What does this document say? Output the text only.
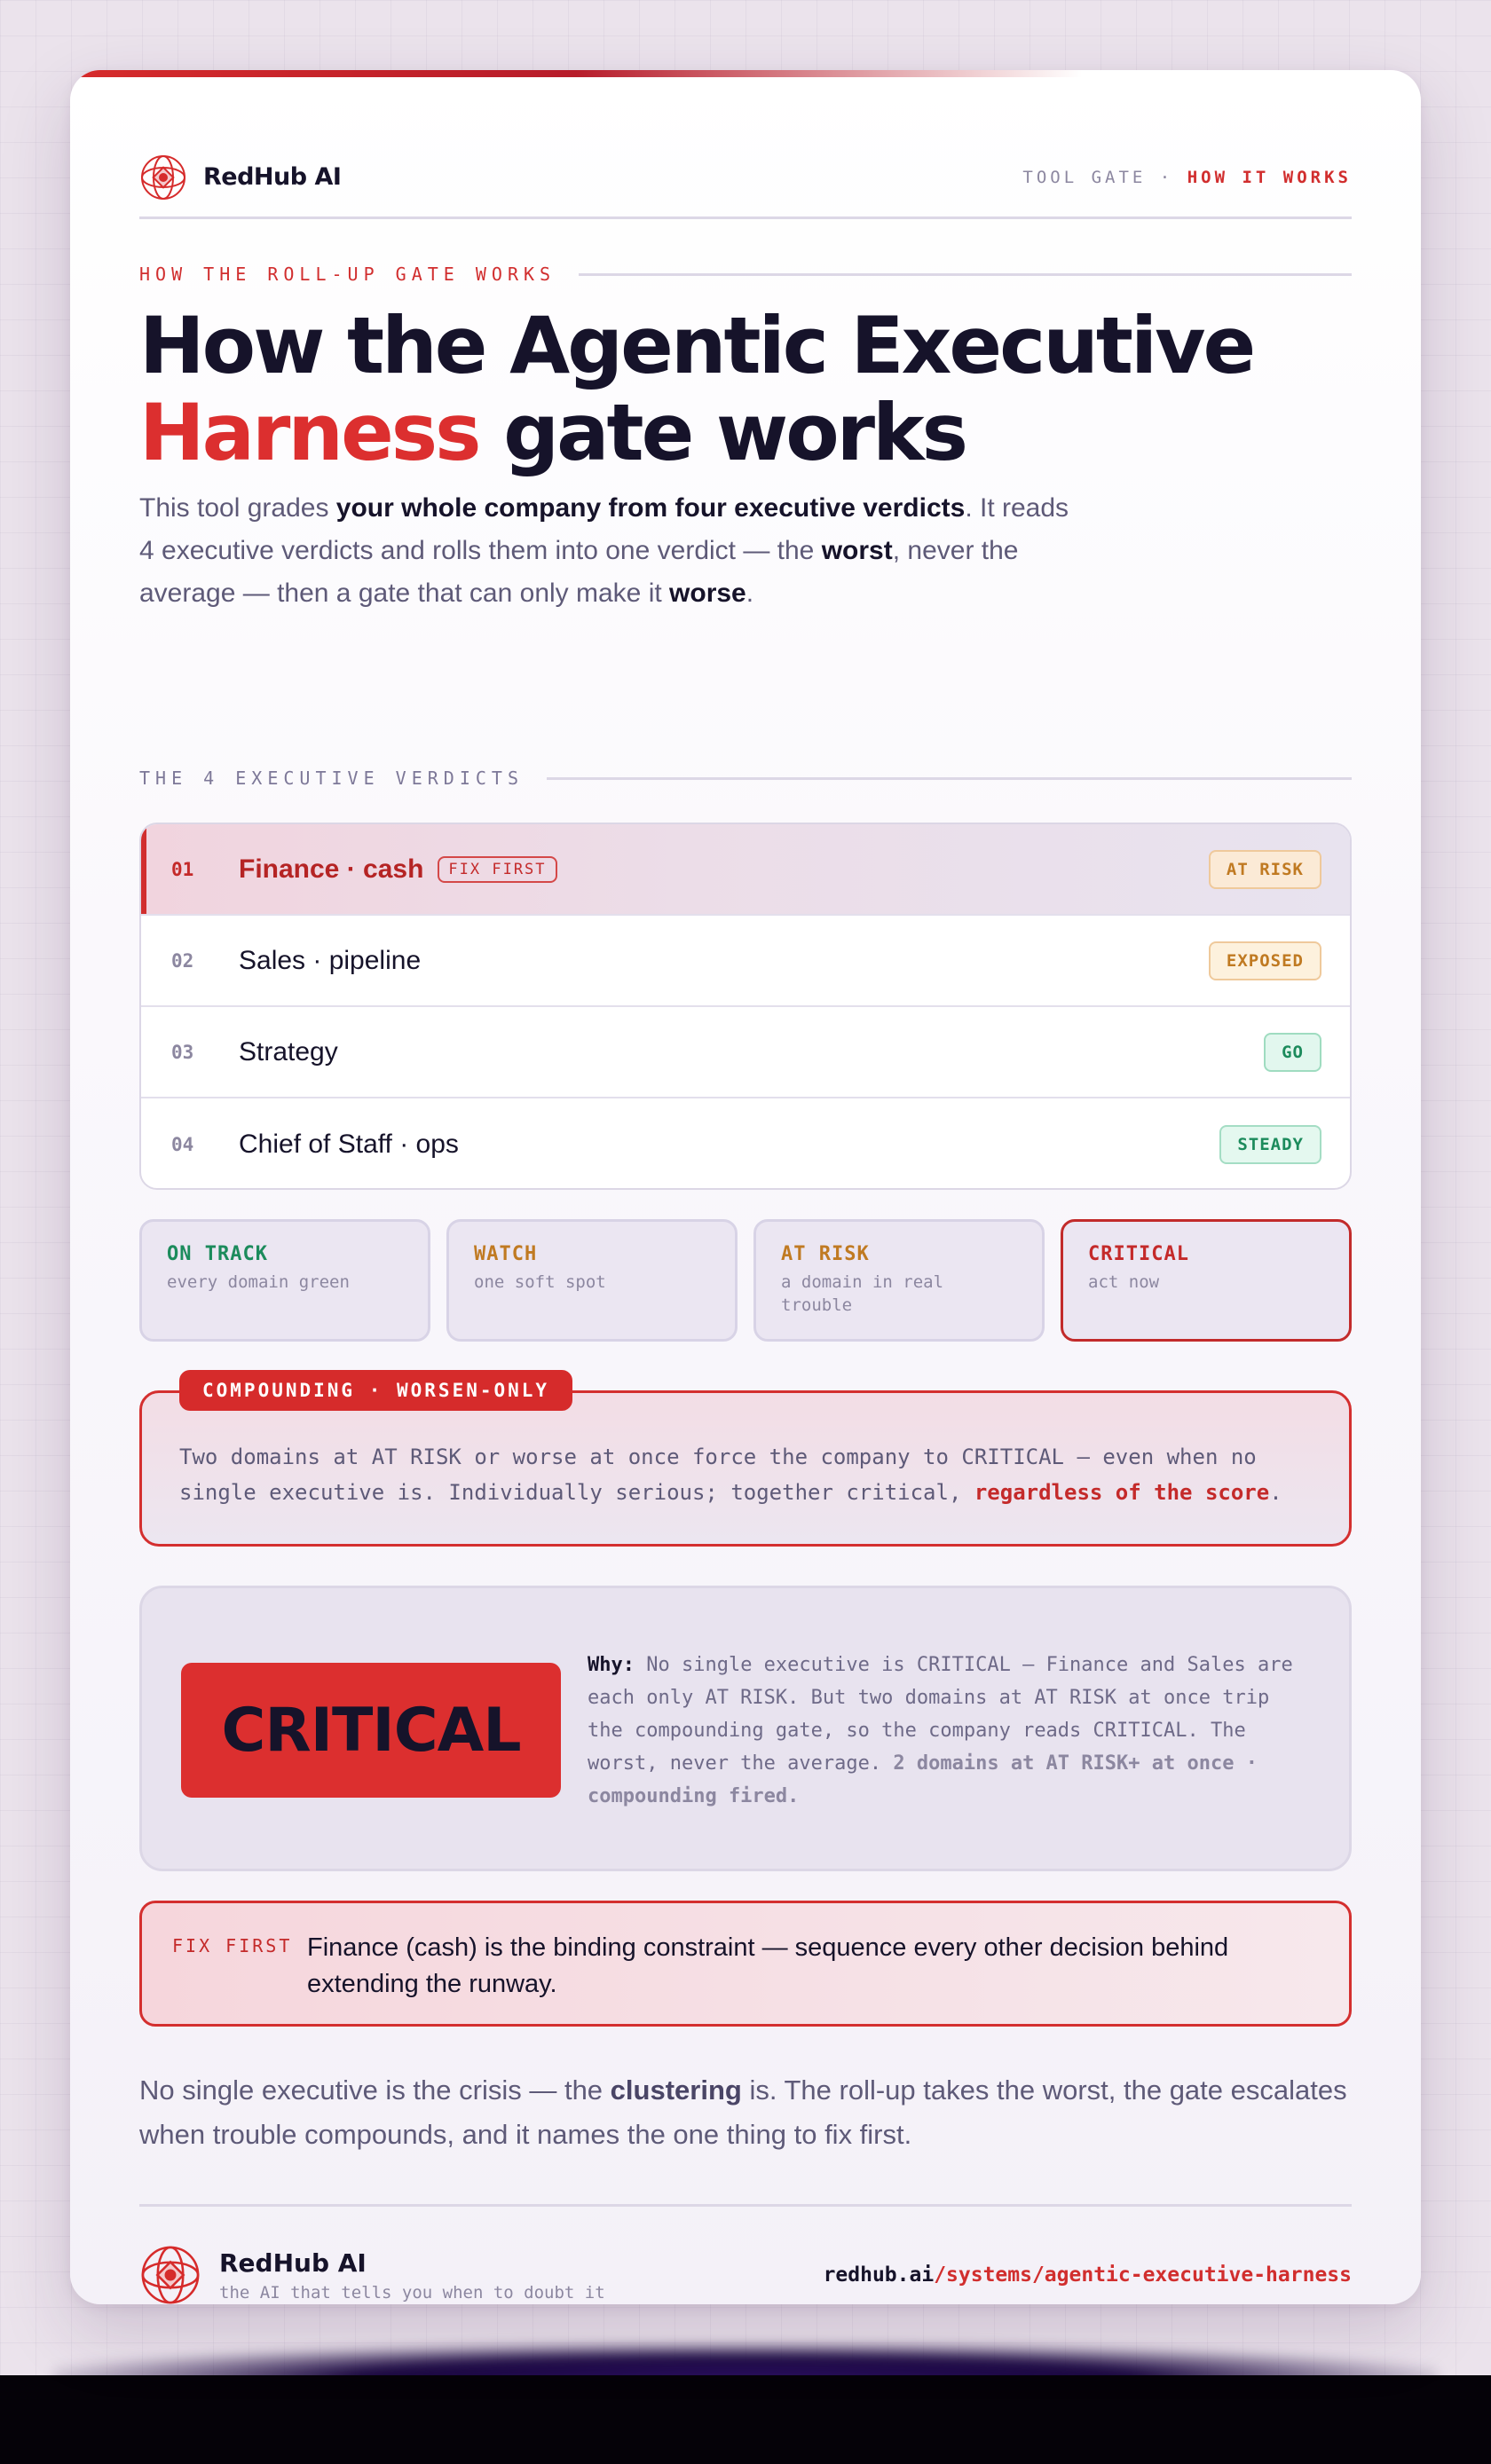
RedHub AI	TOOL GATE · HOW IT WORKS
HOW THE ROLL-UP GATE WORKS
How the Agentic Executive
Harness gate works

This tool grades your whole company from four executive verdicts. It reads 4 executive verdicts and rolls them into one verdict — the worst, never the average — then a gate that can only make it worse.

THE 4 EXECUTIVE VERDICTS
01	Finance · cash	FIX FIRST	AT RISK
02	Sales · pipeline	EXPOSED
03	Strategy	GO
04	Chief of Staff · ops	STEADY
ON TRACK
every domain green
WATCH
one soft spot
AT RISK
a domain in real trouble
CRITICAL
act now
COMPOUNDING · WORSEN-ONLY

Two domains at AT RISK or worse at once force the company to CRITICAL — even when no single executive is. Individually serious; together critical, regardless of the score.

CRITICAL

Why: No single executive is CRITICAL — Finance and Sales are each only AT RISK. But two domains at AT RISK at once trip the compounding gate, so the company reads CRITICAL. The worst, never the average. 2 domains at AT RISK+ at once · compounding fired.

FIX FIRST Finance (cash) is the binding constraint — sequence every other decision behind extending the runway.

No single executive is the crisis — the clustering is. The roll-up takes the worst, the gate escalates when trouble compounds, and it names the one thing to fix first.

RedHub AI
the AI that tells you when to doubt it
redhub.ai/systems/agentic-executive-harness
